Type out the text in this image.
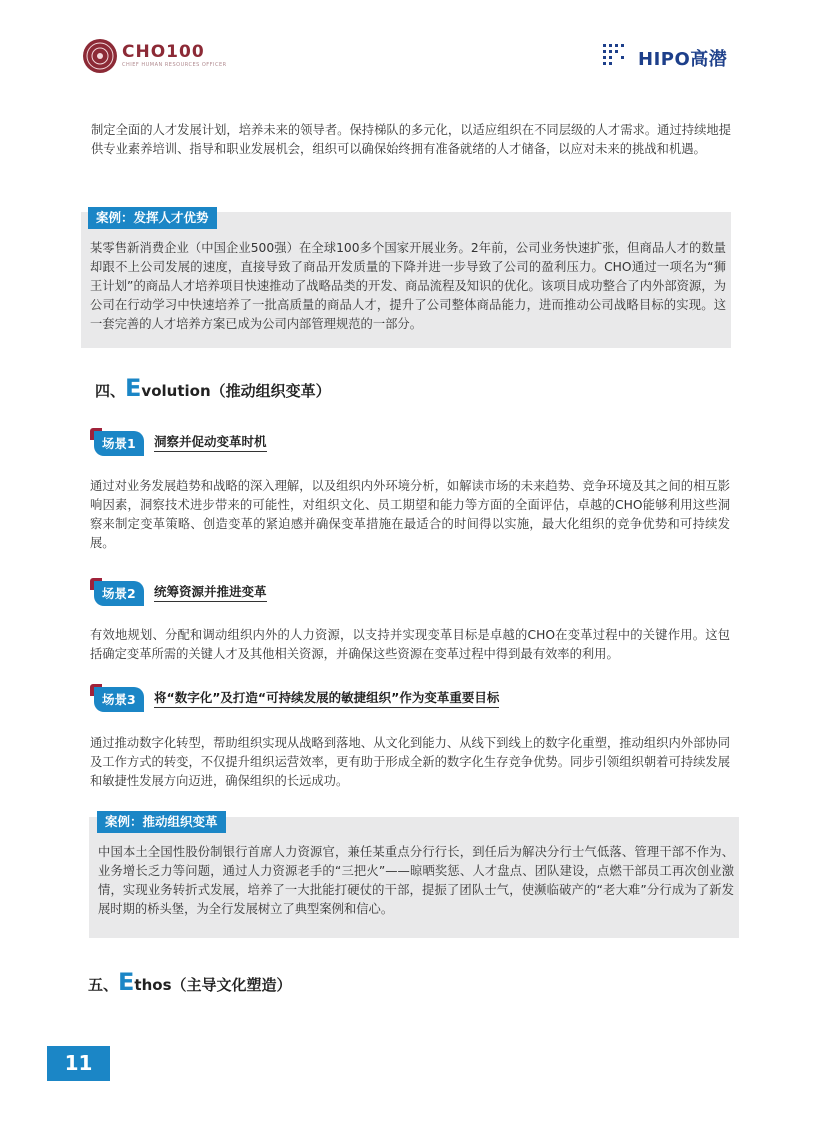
CHO100
CHIEF HUMAN RESOURCES OFFICER	HIPO高潜
制定全面的人才发展计划，培养未来的领导者。保持梯队的多元化，以适应组织在不同层级的人才需求。通过持续地提供专业素养培训、指导和职业发展机会，组织可以确保始终拥有准备就绪的人才储备，以应对未来的挑战和机遇。
案例：发挥人才优势
某零售新消费企业（中国企业500强）在全球100多个国家开展业务。2年前，公司业务快速扩张，但商品人才的数量却跟不上公司发展的速度，直接导致了商品开发质量的下降并进一步导致了公司的盈利压力。CHO通过一项名为“狮王计划”的商品人才培养项目快速推动了战略品类的开发、商品流程及知识的优化。该项目成功整合了内外部资源，为公司在行动学习中快速培养了一批高质量的商品人才，提升了公司整体商品能力，进而推动公司战略目标的实现。这一套完善的人才培养方案已成为公司内部管理规范的一部分。
四、Evolution（推动组织变革）
场景1	洞察并促动变革时机
通过对业务发展趋势和战略的深入理解，以及组织内外环境分析，如解读市场的未来趋势、竞争环境及其之间的相互影响因素，洞察技术进步带来的可能性，对组织文化、员工期望和能力等方面的全面评估，卓越的CHO能够利用这些洞察来制定变革策略、创造变革的紧迫感并确保变革措施在最适合的时间得以实施，最大化组织的竞争优势和可持续发展。
场景2	统筹资源并推进变革
有效地规划、分配和调动组织内外的人力资源，以支持并实现变革目标是卓越的CHO在变革过程中的关键作用。这包括确定变革所需的关键人才及其他相关资源，并确保这些资源在变革过程中得到最有效率的利用。
场景3	将“数字化”及打造“可持续发展的敏捷组织”作为变革重要目标
通过推动数字化转型，帮助组织实现从战略到落地、从文化到能力、从线下到线上的数字化重塑，推动组织内外部协同及工作方式的转变，不仅提升组织运营效率，更有助于形成全新的数字化生存竞争优势。同步引领组织朝着可持续发展和敏捷性发展方向迈进，确保组织的长远成功。
案例：推动组织变革
中国本土全国性股份制银行首席人力资源官，兼任某重点分行行长，到任后为解决分行士气低落、管理干部不作为、业务增长乏力等问题，通过人力资源老手的“三把火”——晾晒奖惩、人才盘点、团队建设，点燃干部员工再次创业激情，实现业务转折式发展，培养了一大批能打硬仗的干部，提振了团队士气，使濒临破产的“老大难”分行成为了新发展时期的桥头堡，为全行发展树立了典型案例和信心。
五、Ethos（主导文化塑造）
11
